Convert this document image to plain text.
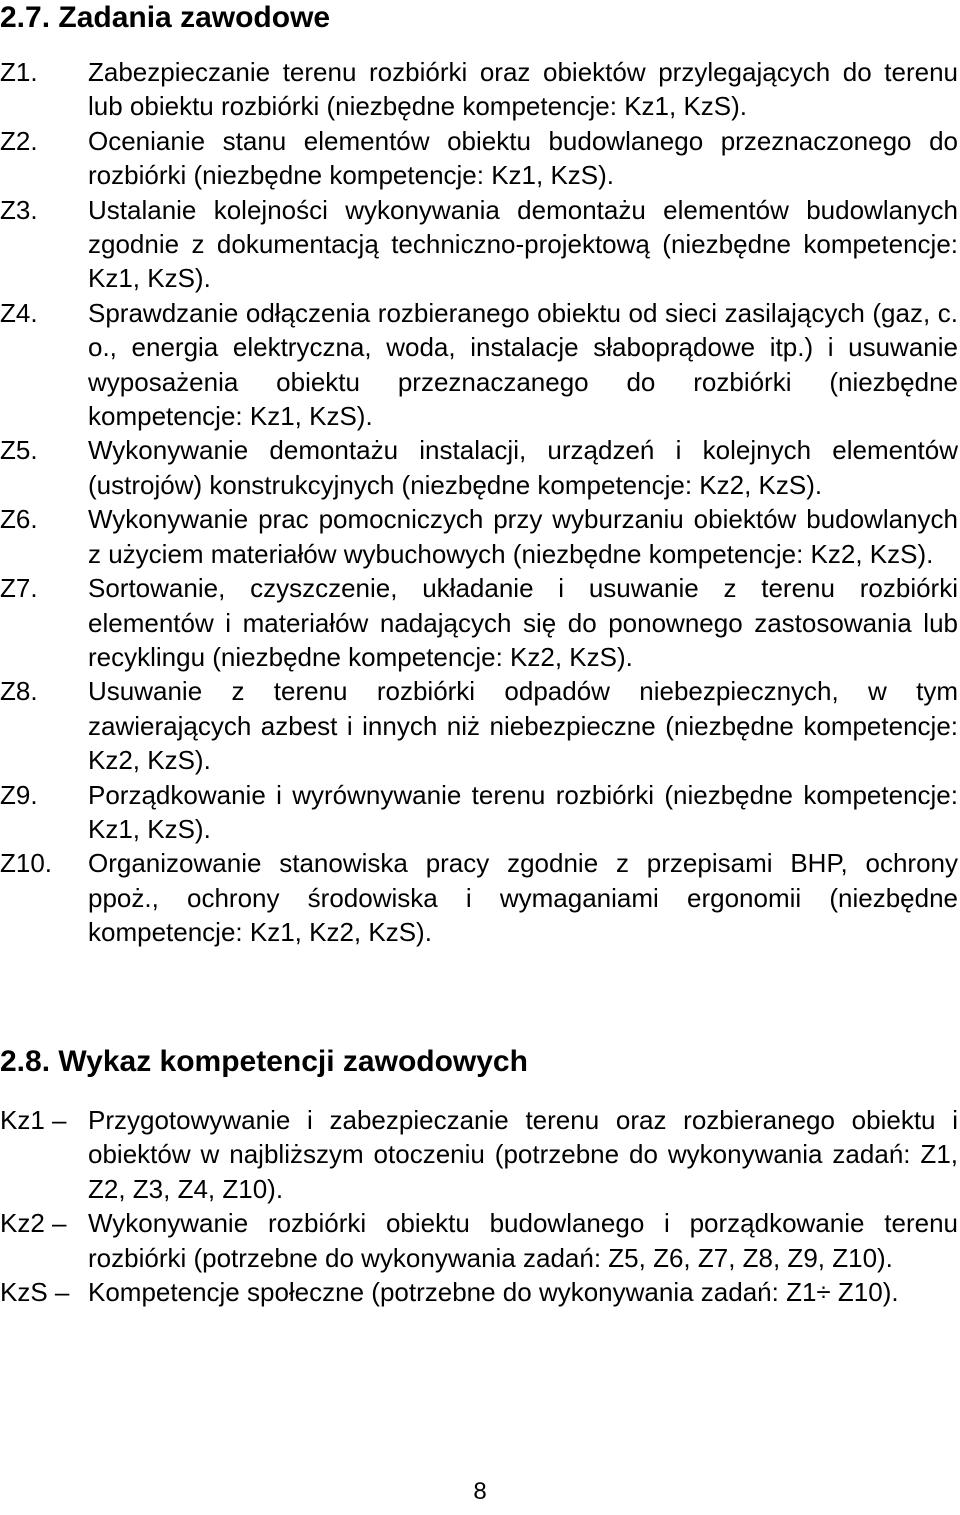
2.7. Zadania zawodowe
Z1.	Zabezpieczanie terenu rozbiórki oraz obiektów przylegających do terenu lub obiektu rozbiórki (niezbędne kompetencje: Kz1, KzS).
Z2.	Ocenianie stanu elementów obiektu budowlanego przeznaczonego do rozbiórki (niezbędne kompetencje: Kz1, KzS).
Z3.	Ustalanie kolejności wykonywania demontażu elementów budowlanych zgodnie z dokumentacją techniczno-projektową (niezbędne kompetencje: Kz1, KzS).
Z4.	Sprawdzanie odłączenia rozbieranego obiektu od sieci zasilających (gaz, c. o., energia elektryczna, woda, instalacje słaboprądowe itp.) i usuwanie wyposażenia obiektu przeznaczanego do rozbiórki (niezbędne kompetencje: Kz1, KzS).
Z5.	Wykonywanie demontażu instalacji, urządzeń i kolejnych elementów (ustrojów) konstrukcyjnych (niezbędne kompetencje: Kz2, KzS).
Z6.	Wykonywanie prac pomocniczych przy wyburzaniu obiektów budowlanych z użyciem materiałów wybuchowych (niezbędne kompetencje: Kz2, KzS).
Z7.	Sortowanie, czyszczenie, układanie i usuwanie z terenu rozbiórki elementów i materiałów nadających się do ponownego zastosowania lub recyklingu (niezbędne kompetencje: Kz2, KzS).
Z8.	Usuwanie z terenu rozbiórki odpadów niebezpiecznych, w tym zawierających azbest i innych niż niebezpieczne (niezbędne kompetencje: Kz2, KzS).
Z9.	Porządkowanie i wyrównywanie terenu rozbiórki (niezbędne kompetencje: Kz1, KzS).
Z10.	Organizowanie stanowiska pracy zgodnie z przepisami BHP, ochrony ppoż., ochrony środowiska i wymaganiami ergonomii (niezbędne kompetencje: Kz1, Kz2, KzS).
2.8. Wykaz kompetencji zawodowych
Kz1 – Przygotowywanie i zabezpieczanie terenu oraz rozbieranego obiektu i obiektów w najbliższym otoczeniu (potrzebne do wykonywania zadań: Z1, Z2, Z3, Z4, Z10).
Kz2 – Wykonywanie rozbiórki obiektu budowlanego i porządkowanie terenu rozbiórki (potrzebne do wykonywania zadań: Z5, Z6, Z7, Z8, Z9, Z10).
KzS – Kompetencje społeczne (potrzebne do wykonywania zadań: Z1÷ Z10).
8
